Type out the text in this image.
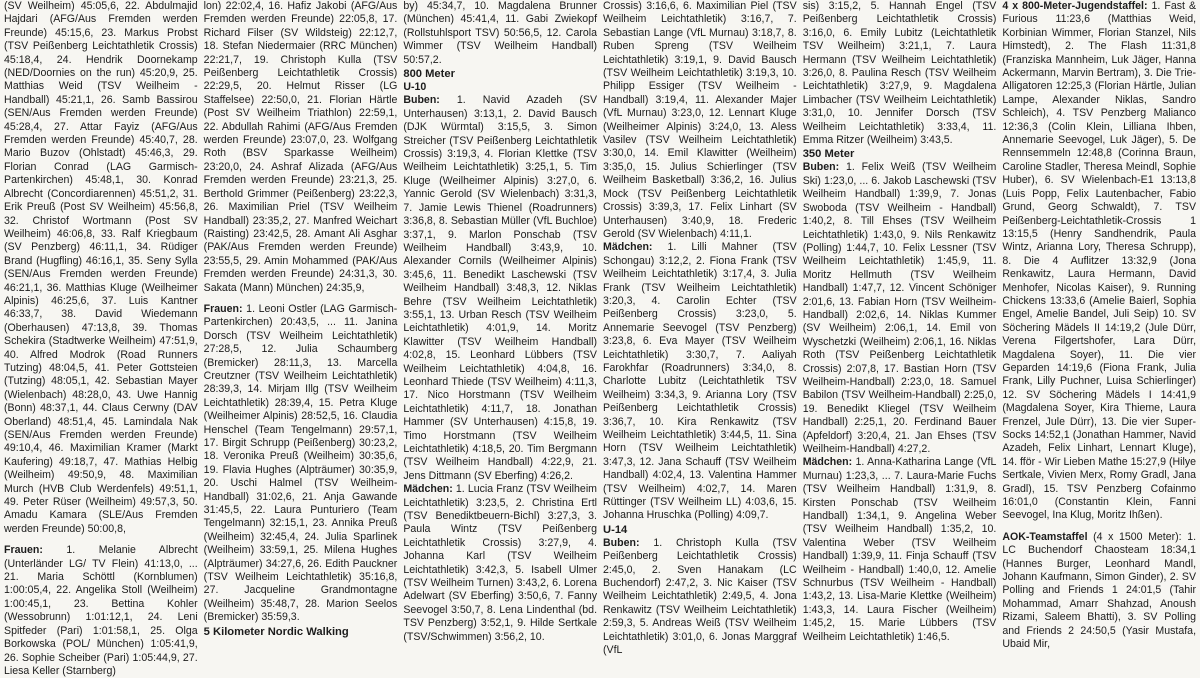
(SV Weilheim) 45:05,6, 22. Abdulmajid Hajdari (AFG/Aus Fremden werden Freunde) 45:15,6, 23. Markus Probst (TSV Peißenberg Leichtathletik Crossis) 45:18,4, 24. Hendrik Doornekamp (NED/Doornies on the run) 45:20,9, 25. Matthias Weid (TSV Weilheim - Handball) 45:21,1, 26. Samb Bassirou (SEN/Aus Fremden werden Freunde) 45:28,4, 27. Attar Fayiz (AFG/Aus Fremden werden Freunde) 45:40,7, 28. Mario Buzov (Ohlstadt) 45:46,3, 29. Florian Conrad (LAG Garmisch-Partenkirchen) 45:48,1, 30. Konrad Albrecht (Concordiarennen) 45:51,2, 31. Erik Preuß (Post SV Weilheim) 45:56,8, 32. Christof Wortmann (Post SV Weilheim) 46:06,8, 33. Ralf Kriegbaum (SV Penzberg) 46:11,1, 34. Rüdiger Brand (Hugfling) 46:16,1, 35. Seny Sylla (SEN/Aus Fremden werden Freunde) 46:21,1, 36. Matthias Kluge (Weilheimer Alpinis) 46:25,6, 37. Luis Kantner 46:33,7, 38. David Wiedemann (Oberhausen) 47:13,8, 39. Thomas Schekira (Stadtwerke Weilheim) 47:51,9, 40. Alfred Modrok (Road Runners Tutzing) 48:04,5, 41. Peter Gottsteien (Tutzing) 48:05,1, 42. Sebastian Mayer (Wielenbach) 48:28,0, 43. Uwe Hannig (Bonn) 48:37,1, 44. Claus Cerwny (DAV Oberland) 48:51,4, 45. Lamindala Nak (SEN/Aus Fremden werden Freunde) 49:10,4, 46. Maximilian Kramer (Markt Kaufering) 49:18,7, 47. Mathias Helbig (Weilheim) 49:50,9, 48. Maximilian Murch (HVB Club Werdenfels) 49:51,1, 49. Peter Rüser (Weilheim) 49:57,3, 50. Amadu Kamara (SLE/Aus Fremden werden Freunde) 50:00,8,

Frauen: 1. Melanie Albrecht (Unterländer LG/ TV Flein) 41:13,0, ... 21. Maria Schöttl (Kornblumen) 1:00:05,4, 22. Angelika Stoll (Weilheim) 1:00:45,1, 23. Bettina Kohler (Wessobrunn) 1:01:12,1, 24. Leni Spitfeder (Pari) 1:01:58,1, 25. Olga Borkowska (POL/ München) 1:05:41,9, 26. Sophie Scheiber (Pari) 1:05:44,9, 27. Liesa Keller (Starnberg)

lon) 22:02,4, 16. Hafiz Jakobi (AFG/Aus Fremden werden Freunde) 22:05,8, 17. Richard Filser (SV Wildsteig) 22:12,7, 18. Stefan Niedermaier (RRC München) 22:21,7, 19. Christoph Kulla (TSV Peißenberg Leichtathletik Crossis) 22:29,5, 20. Helmut Risser (LG Staffelsee) 22:50,0, 21. Florian Härtle (Post SV Weilheim Triathlon) 22:59,1, 22. Abdullah Rahimi (AFG/Aus Fremden werden Freunde) 23:07,0, 23. Wolfgang Roth (BSV Sparkasse Weilheim) 23:20,0, 24. Ashraf Alizada (AFG/Aus Fremden werden Freunde) 23:21,3, 25. Berthold Grimmer (Peißenberg) 23:22,3, 26. Maximilian Priel (TSV Weilheim Handball) 23:35,2, 27. Manfred Weichart (Raisting) 23:42,5, 28. Amant Ali Asghar (PAK/Aus Fremden werden Freunde) 23:55,5, 29. Amin Mohammed (PAK/Aus Fremden werden Freunde) 24:31,3, 30. Sakata (Mann) München) 24:35,9,

Frauen: 1. Leoni Ostler (LAG Garmisch-Partenkirchen) 20:43,5, ... 11. Janina Dorsch (TSV Weilheim Leichtathletik) 27:28,5, 12. Julia Schaumberg (Bremicker) 28:11,3, 13. Marcella Creutzner (TSV Weilheim Leichtathletik) 28:39,3, 14. Mirjam Illg (TSV Weilheim Leichtathletik) 28:39,4, 15. Petra Kluge (Weilheimer Alpinis) 28:52,5, 16. Claudia Henschel (Team Tengelmann) 29:57,1, 17. Birgit Schrupp (Peißenberg) 30:23,2, 18. Veronika Preuß (Weilheim) 30:35,6, 19. Flavia Hughes (Alpträumer) 30:35,9, 20. Uschi Halmel (TSV Weilheim-Handball) 31:02,6, 21. Anja Gawande 31:45,5, 22. Laura Punturiero (Team Tengelmann) 32:15,1, 23. Annika Preuß (Weilheim) 32:45,4, 24. Julia Sparlinek (Weilheim) 33:59,1, 25. Milena Hughes (Alpträumer) 34:27,6, 26. Edith Pauckner (TSV Weilheim Leichtathletik) 35:16,8, 27. Jacqueline Grandmontagne (Weilheim) 35:48,7, 28. Marion Seelos (Bremicker) 35:59,3.

5 Kilometer Nordic Walking

by) 45:34,7, 10. Magdalena Brunner (München) 45:41,4, 11. Gabi Zwiekopf (Rollstuhlsport TSV) 50:56,5, 12. Carola Wimmer (TSV Weilheim Handball) 50:57,2.

800 Meter

U-10

Buben: 1. Navid Azadeh (SV Unterhausen) 3:13,1, 2. David Bausch (DJK Würmtal) 3:15,5, 3. Simon Streicher (TSV Peißenberg Leichtathletik Crossis) 3:19,3, 4. Florian Klettke (TSV Weilheim Leichtathletik) 3:25,1, 5. Tim Kluge (Weilheimer Alpinis) 3:27,0, 6. Yannic Gerold (SV Wielenbach) 3:31,3, 7. Jamie Lewis Thienel (Roadrunners) 3:36,8, 8. Sebastian Müller (VfL Buchloe) 3:37,1, 9. Marlon Ponschab (TSV Weilheim Handball) 3:43,9, 10. Alexander Cornils (Weilheimer Alpinis) 3:45,6, 11. Benedikt Laschewski (TSV Weilheim Handball) 3:48,3, 12. Niklas Behre (TSV Weilheim Leichtathletik) 3:55,1, 13. Urban Resch (TSV Weilheim Leichtathletik) 4:01,9, 14. Moritz Klawitter (TSV Weilheim Handball) 4:02,8, 15. Leonhard Lübbers (TSV Weilheim Leichtathletik) 4:04,8, 16. Leonhard Thiede (TSV Weilheim) 4:11,3, 17. Nico Horstmann (TSV Weilheim Leichtathletik) 4:11,7, 18. Jonathan Hammer (SV Unterhausen) 4:15,8, 19. Timo Horstmann (TSV Weilheim Leichtathletik) 4:18,5, 20. Tim Bergmann (TSV Weilheim Handball) 4:22,9, 21. Jens Dittmann (SV Eberfing) 4:26,2.

Mädchen: 1. Lucia Franz (TSV Weilheim Leichtathletik) 3:23,5, 2. Christina Ertl (TSV Benediktbeuern-Bichl) 3:27,3, 3. Paula Wintz (TSV Peißenberg Leichtathletik Crossis) 3:27,9, 4. Johanna Karl (TSV Weilheim Leichtathletik) 3:42,3, 5. Isabell Ulmer (TSV Weilheim Turnen) 3:43,2, 6. Lorena Adelwart (SV Eberfing) 3:50,6, 7. Fanny Seevogel 3:50,7, 8. Lena Lindenthal (bd. TSV Penzberg) 3:52,1, 9. Hilde Sertkale (TSV/Schwimmen) 3:56,2, 10.

Crossis) 3:16,6, 6. Maximilian Piel (TSV Weilheim Leichtathletik) 3:16,7, 7. Sebastian Lange (VfL Murnau) 3:18,7, 8. Ruben Spreng (TSV Weilheim Leichtathletik) 3:19,1, 9. David Bausch (TSV Weilheim Leichtathletik) 3:19,3, 10. Philipp Essiger (TSV Weilheim - Handball) 3:19,4, 11. Alexander Majer (VfL Murnau) 3:23,0, 12. Lennart Kluge (Weilheimer Alpinis) 3:24,0, 13. Aless Vasilev (TSV Weilheim Leichtathletik) 3:30,0, 14. Emil Klawitter (Weilheim) 3:35,0, 15. Julius Schierlinger (TSV Weilheim Basketball) 3:36,2, 16. Julius Mock (TSV Peißenberg Leichtathletik Crossis) 3:39,3, 17. Felix Linhart (SV Unterhausen) 3:40,9, 18. Frederic Gerold (SV Wielenbach) 4:11,1.

Mädchen: 1. Lilli Mahner (TSV Schongau) 3:12,2, 2. Fiona Frank (TSV Weilheim Leichtathletik) 3:17,4, 3. Julia Frank (TSV Weilheim Leichtathletik) 3:20,3, 4. Carolin Echter (TSV Peißenberg Crossis) 3:23,0, 5. Annemarie Seevogel (TSV Penzberg) 3:23,8, 6. Eva Mayer (TSV Weilheim Leichtathletik) 3:30,7, 7. Aaliyah Farokhfar (Roadrunners) 3:34,0, 8. Charlotte Lubitz (Leichtathletik TSV Weilheim) 3:34,3, 9. Arianna Lory (TSV Peißenberg Leichtathletik Crossis) 3:36,7, 10. Kira Renkawitz (TSV Weilheim Leichtathletik) 3:44,5, 11. Sina Horn (TSV Weilheim Leichtathletik) 3:47,3, 12. Jana Schauff (TSV Weilheim Handball) 4:02,4, 13. Valentina Hammer (TSV Weilheim) 4:02,7, 14. Maren Rüttinger (TSV Weilheim LL) 4:03,6, 15. Johanna Hruschka (Polling) 4:09,7.

U-14

Buben: 1. Christoph Kulla (TSV Peißenberg Leichtathletik Crossis) 2:45,0, 2. Sven Hanakam (LC Buchendorf) 2:47,2, 3. Nic Kaiser (TSV Weilheim Leichtathletik) 2:49,5, 4. Jona Renkawitz (TSV Weilheim Leichtathletik) 2:59,3, 5. Andreas Weiß (TSV Weilheim Leichtathletik) 3:01,0, 6. Jonas Marggraf (VfL

sis) 3:15,2, 5. Hannah Engel (TSV Peißenberg Leichtathletik Crossis) 3:16,0, 6. Emily Lubitz (Leichtathletik TSV Weilheim) 3:21,1, 7. Laura Hermann (TSV Weilheim Leichtathletik) 3:26,0, 8. Paulina Resch (TSV Weilheim Leichtathletik) 3:27,9, 9. Magdalena Limbacher (TSV Weilheim Leichtathletik) 3:31,0, 10. Jennifer Dorsch (TSV Weilheim Leichtathletik) 3:33,4, 11. Emma Ritzer (Weilheim) 3:43,5.

350 Meter

Buben: 1. Felix Weiß (TSV Weilheim Ski) 1:23,0, ... 6. Jakob Laschewski (TSV Weilheim Handball) 1:39,9, 7. Jonas Swoboda (TSV Weilheim - Handball) 1:40,2, 8. Till Ehses (TSV Weilheim Leichtathletik) 1:43,0, 9. Nils Renkawitz (Polling) 1:44,7, 10. Felix Lessner (TSV Weilheim Leichtathletik) 1:45,9, 11. Moritz Hellmuth (TSV Weilheim Handball) 1:47,7, 12. Vincent Schöniger 2:01,6, 13. Fabian Horn (TSV Weilheim-Handball) 2:02,6, 14. Niklas Kummer (SV Weilheim) 2:06,1, 14. Emil von Wyschetzki (Weilheim) 2:06,1, 16. Niklas Roth (TSV Peißenberg Leichtathletik Crossis) 2:07,8, 17. Bastian Horn (TSV Weilheim-Handball) 2:23,0, 18. Samuel Babilon (TSV Weilheim-Handball) 2:25,0, 19. Benedikt Kliegel (TSV Weilheim Handball) 2:25,1, 20. Ferdinand Bauer (Apfeldorf) 3:20,4, 21. Jan Ehses (TSV Weilheim-Handball) 4:27,2.

Mädchen: 1. Anna-Katharina Lange (VfL Murnau) 1:23,3, ... 7. Laura-Marie Fuchs (TSV Weilheim Handball) 1:31,9, 8. Kirsten Ponschab (TSV Weilheim Handball) 1:34,1, 9. Angelina Weber (TSV Weilheim Handball) 1:35,2, 10. Valentina Weber (TSV Weilheim Handball) 1:39,9, 11. Finja Schauff (TSV Weilheim - Handball) 1:40,0, 12. Amelie Schnurbus (TSV Weilheim - Handball) 1:43,2, 13. Lisa-Marie Klettke (Weilheim) 1:43,3, 14. Laura Fischer (Weilheim) 1:45,2, 15. Marie Lübbers (TSV Weilheim Leichtathletik) 1:46,5.

4 x 800-Meter-Jugendstaffel: 1. Fast & Furious 11:23,6 (Matthias Weid, Korbinian Wimmer, Florian Stanzel, Nils Himstedt), 2. The Flash 11:31,8 (Franziska Mannheim, Luk Jäger, Hanna Ackermann, Marvin Bertram), 3. Die Trie-Alligatoren 12:25,3 (Florian Härtle, Julian Lampe, Alexander Niklas, Sandro Schleich), 4. TSV Penzberg Malianco 12:36,3 (Colin Klein, Lilliana Ihben, Annemarie Seevogel, Luk Jäger), 5. De Rennsemmeln 12:48,8 (Corinna Braun, Caroline Stadler, Theresa Meindl, Sophie Huber), 6. SV Wielenbach-E1 13:13,8 (Luis Popp, Felix Lautenbacher, Fabio Grund, Georg Schwaldt), 7. TSV Peißenberg-Leichtathletik-Crossis 1 13:15,5 (Henry Sandhendrik, Paula Wintz, Arianna Lory, Theresa Schrupp), 8. Die 4 Auflitzer 13:32,9 (Jona Renkawitz, Laura Hermann, David Menhofer, Nicolas Kaiser), 9. Running Chickens 13:33,6 (Amelie Baierl, Sophia Engel, Amelie Bandel, Juli Seip) 10. SV Söchering Mädels II 14:19,2 (Jule Dürr, Verena Filgertshofer, Lara Dürr, Magdalena Soyer), 11. Die vier Geparden 14:19,6 (Fiona Frank, Julia Frank, Lilly Puchner, Luisa Schierlinger) 12. SV Söchering Mädels I 14:41,9 (Magdalena Soyer, Kira Thieme, Laura Frenzel, Jule Dürr), 13. Die vier Super-Socks 14:52,1 (Jonathan Hammer, Navid Azadeh, Felix Linhart, Lennart Kluge), 14. fför - Wir Lieben Mathe 15:27,9 (Hilye Sertkale, Vivien Merx, Romy Gradl, Jana Gradl), 15. TSV Penzberg Cofainmo 16:01,0 (Constantin Klein, Fanni Seevogel, Ina Klug, Moritz Ihßen).

AOK-Teamstaffel (4 x 1500 Meter): 1. LC Buchendorf Chaosteam 18:34,1 (Hannes Burger, Leonhard Mandl, Johann Kaufmann, Simon Ginder), 2. SV Polling and Friends 1 24:01,5 (Tahir Mohammad, Amarr Shahzad, Anoush Rizami, Saleem Bhatti), 3. SV Polling and Friends 2 24:50,5 (Yasir Mustafa, Ubaid Mir,
